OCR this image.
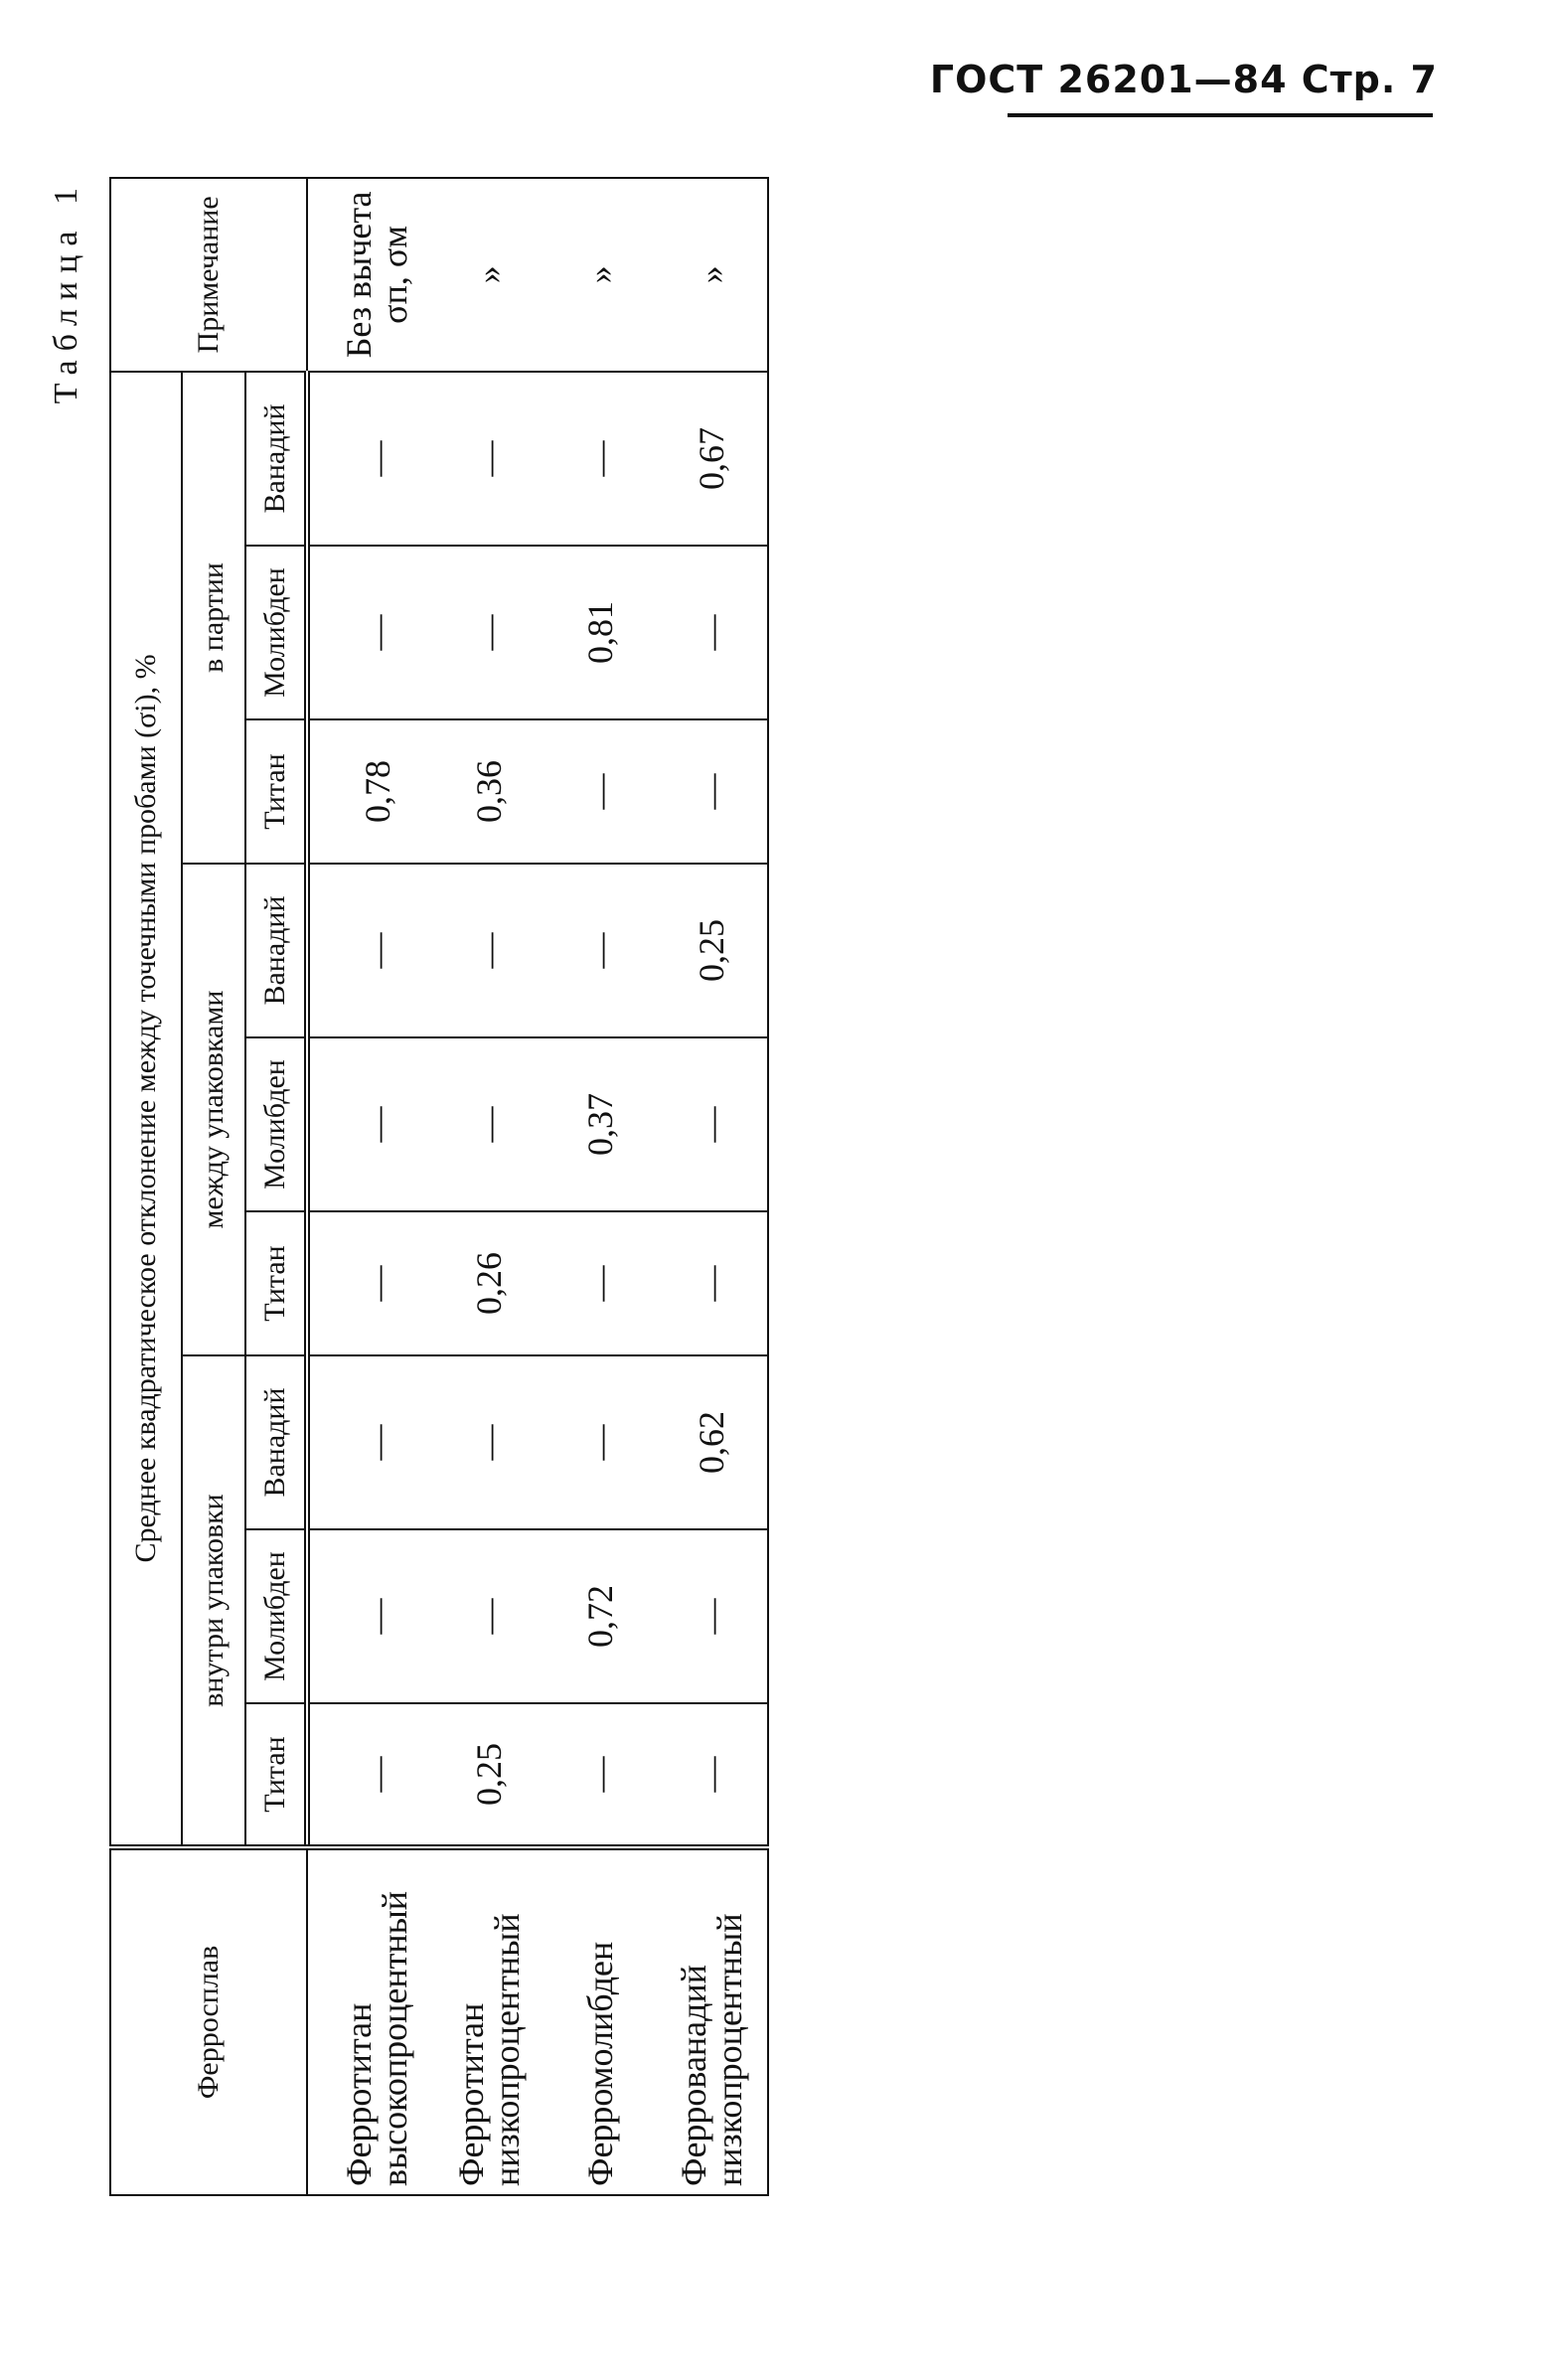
ГОСТ 26201—84 Стр. 7
Таблица 1
Ферросплав	Среднее квадратическое отклонение между точечными пробами (σi), %									Примечание
	внутри упаковки			между упаковками			в партии			
	Титан	Молибден	Ванадий	Титан	Молибден	Ванадий	Титан	Молибден	Ванадий	
Ферротитан высокопроцентный	—	—	—	—	—	—	0,78	—	—	Без вычета σп, σм
Ферротитан низкопроцентный	0,25	—	—	0,26	—	—	0,36	—	—	»
Ферромолибден	—	0,72	—	—	0,37	—	—	0,81	—	»
Феррованадий низкопроцентный	—	—	0,62	—	—	0,25	—	—	0,67	»
